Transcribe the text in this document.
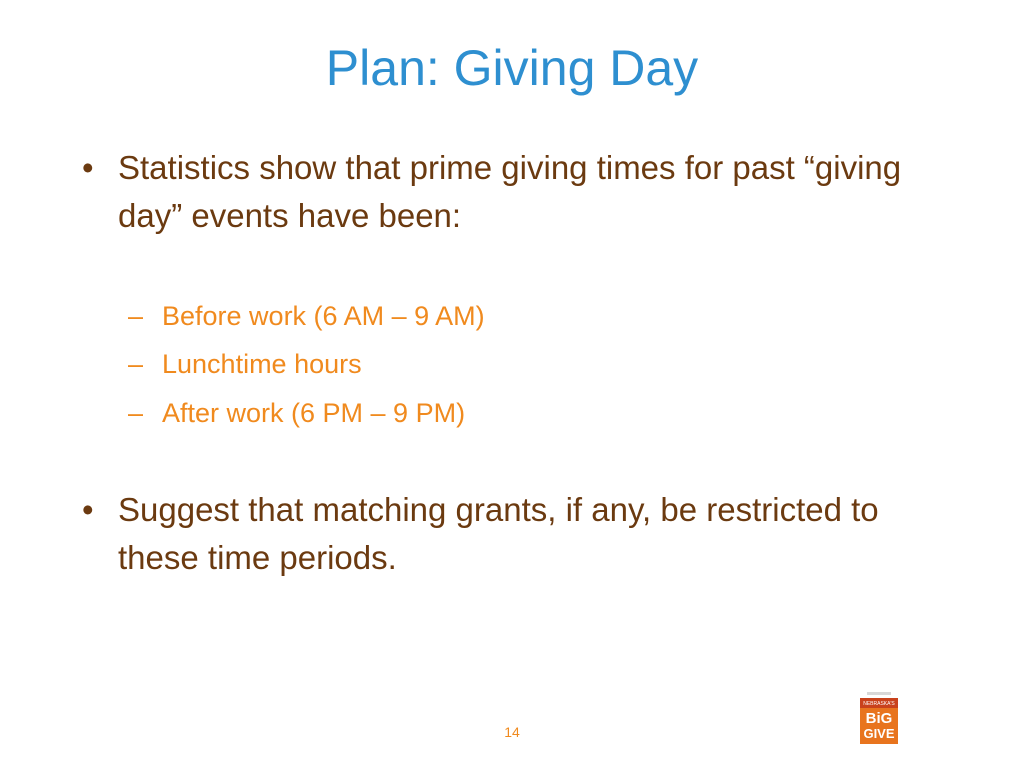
Plan: Giving Day
• Statistics show that prime giving times for past “giving day” events have been:
– Before work (6 AM – 9 AM)
– Lunchtime hours
– After work (6 PM – 9 PM)
• Suggest that matching grants, if any, be restricted to these time periods.
14
NEBRASKA'S
BiG
GIVE
